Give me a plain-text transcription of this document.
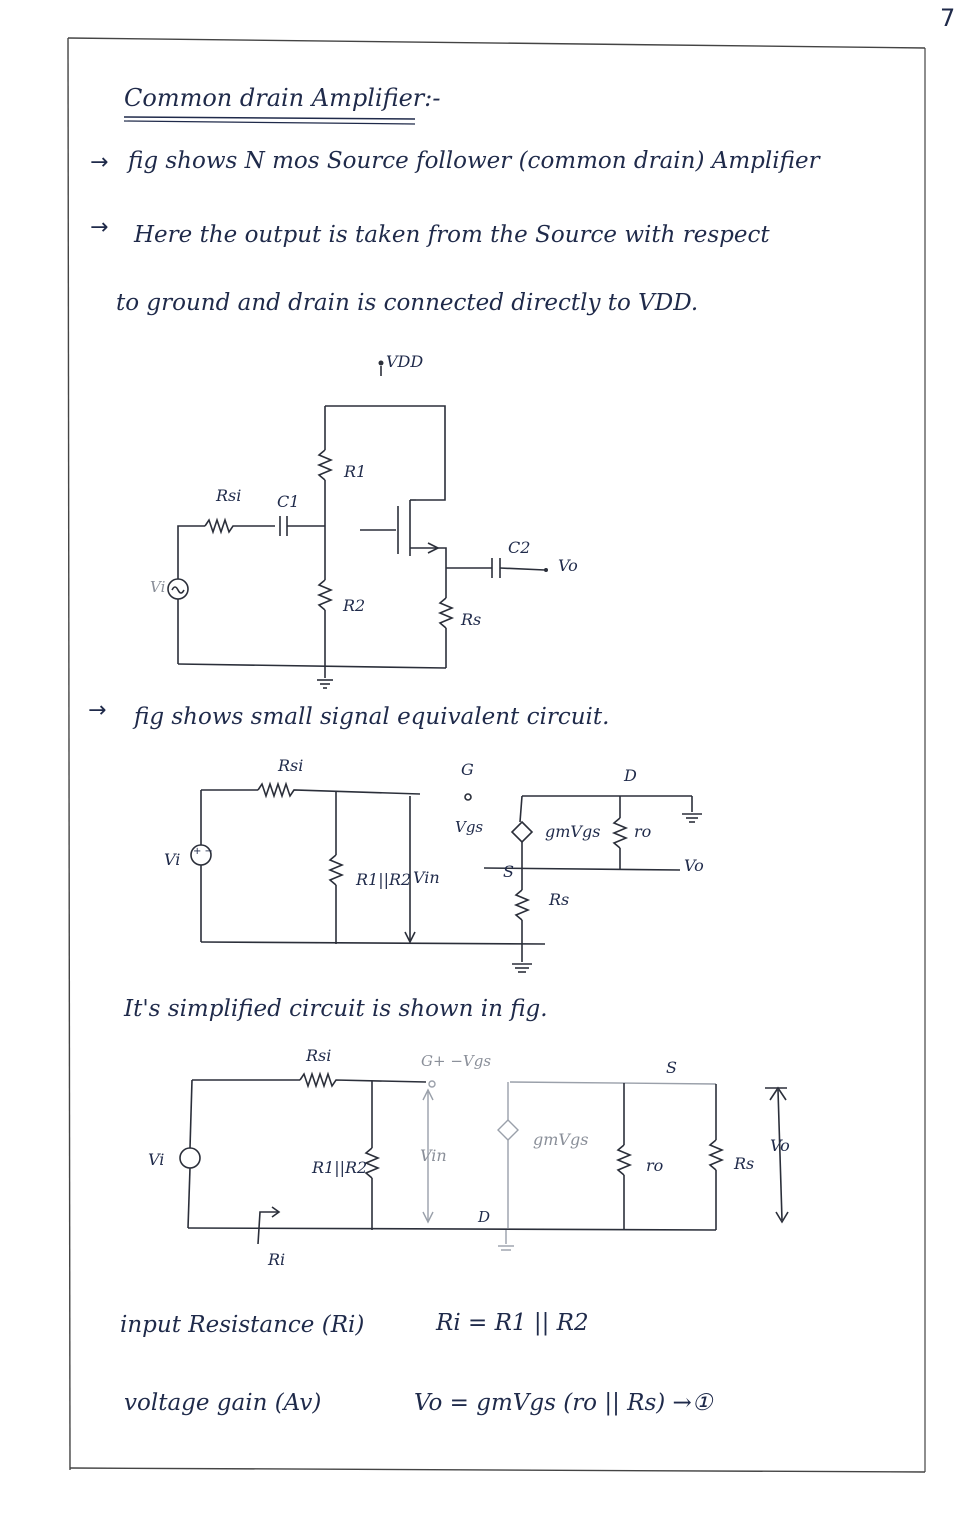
7
Common drain Amplifier:-
→ fig shows N mos Source follower (common drain) Amplifier
→ Here the output is taken from the Source with respect
to ground and drain is connected directly to VDD.
VDD
R1
Rsi C1
C2
Vo
Vi
R2
Rs
→ fig shows small signal equivalent circuit.
Rsi	G	D
Vgs	gmVgs ro
Vi + −
Vo
R1||R2 Vin	S
Rs
It's simplified circuit is shown in fig.
Rsi	G+ −Vgs	S
Vi	R1||R2
Vin
gmVgs
ro	Rs
Vo
D
Ri
input Resistance (Ri)	Ri = R1 || R2
voltage gain (Av)	Vo = gmVgs (ro || Rs) →①
